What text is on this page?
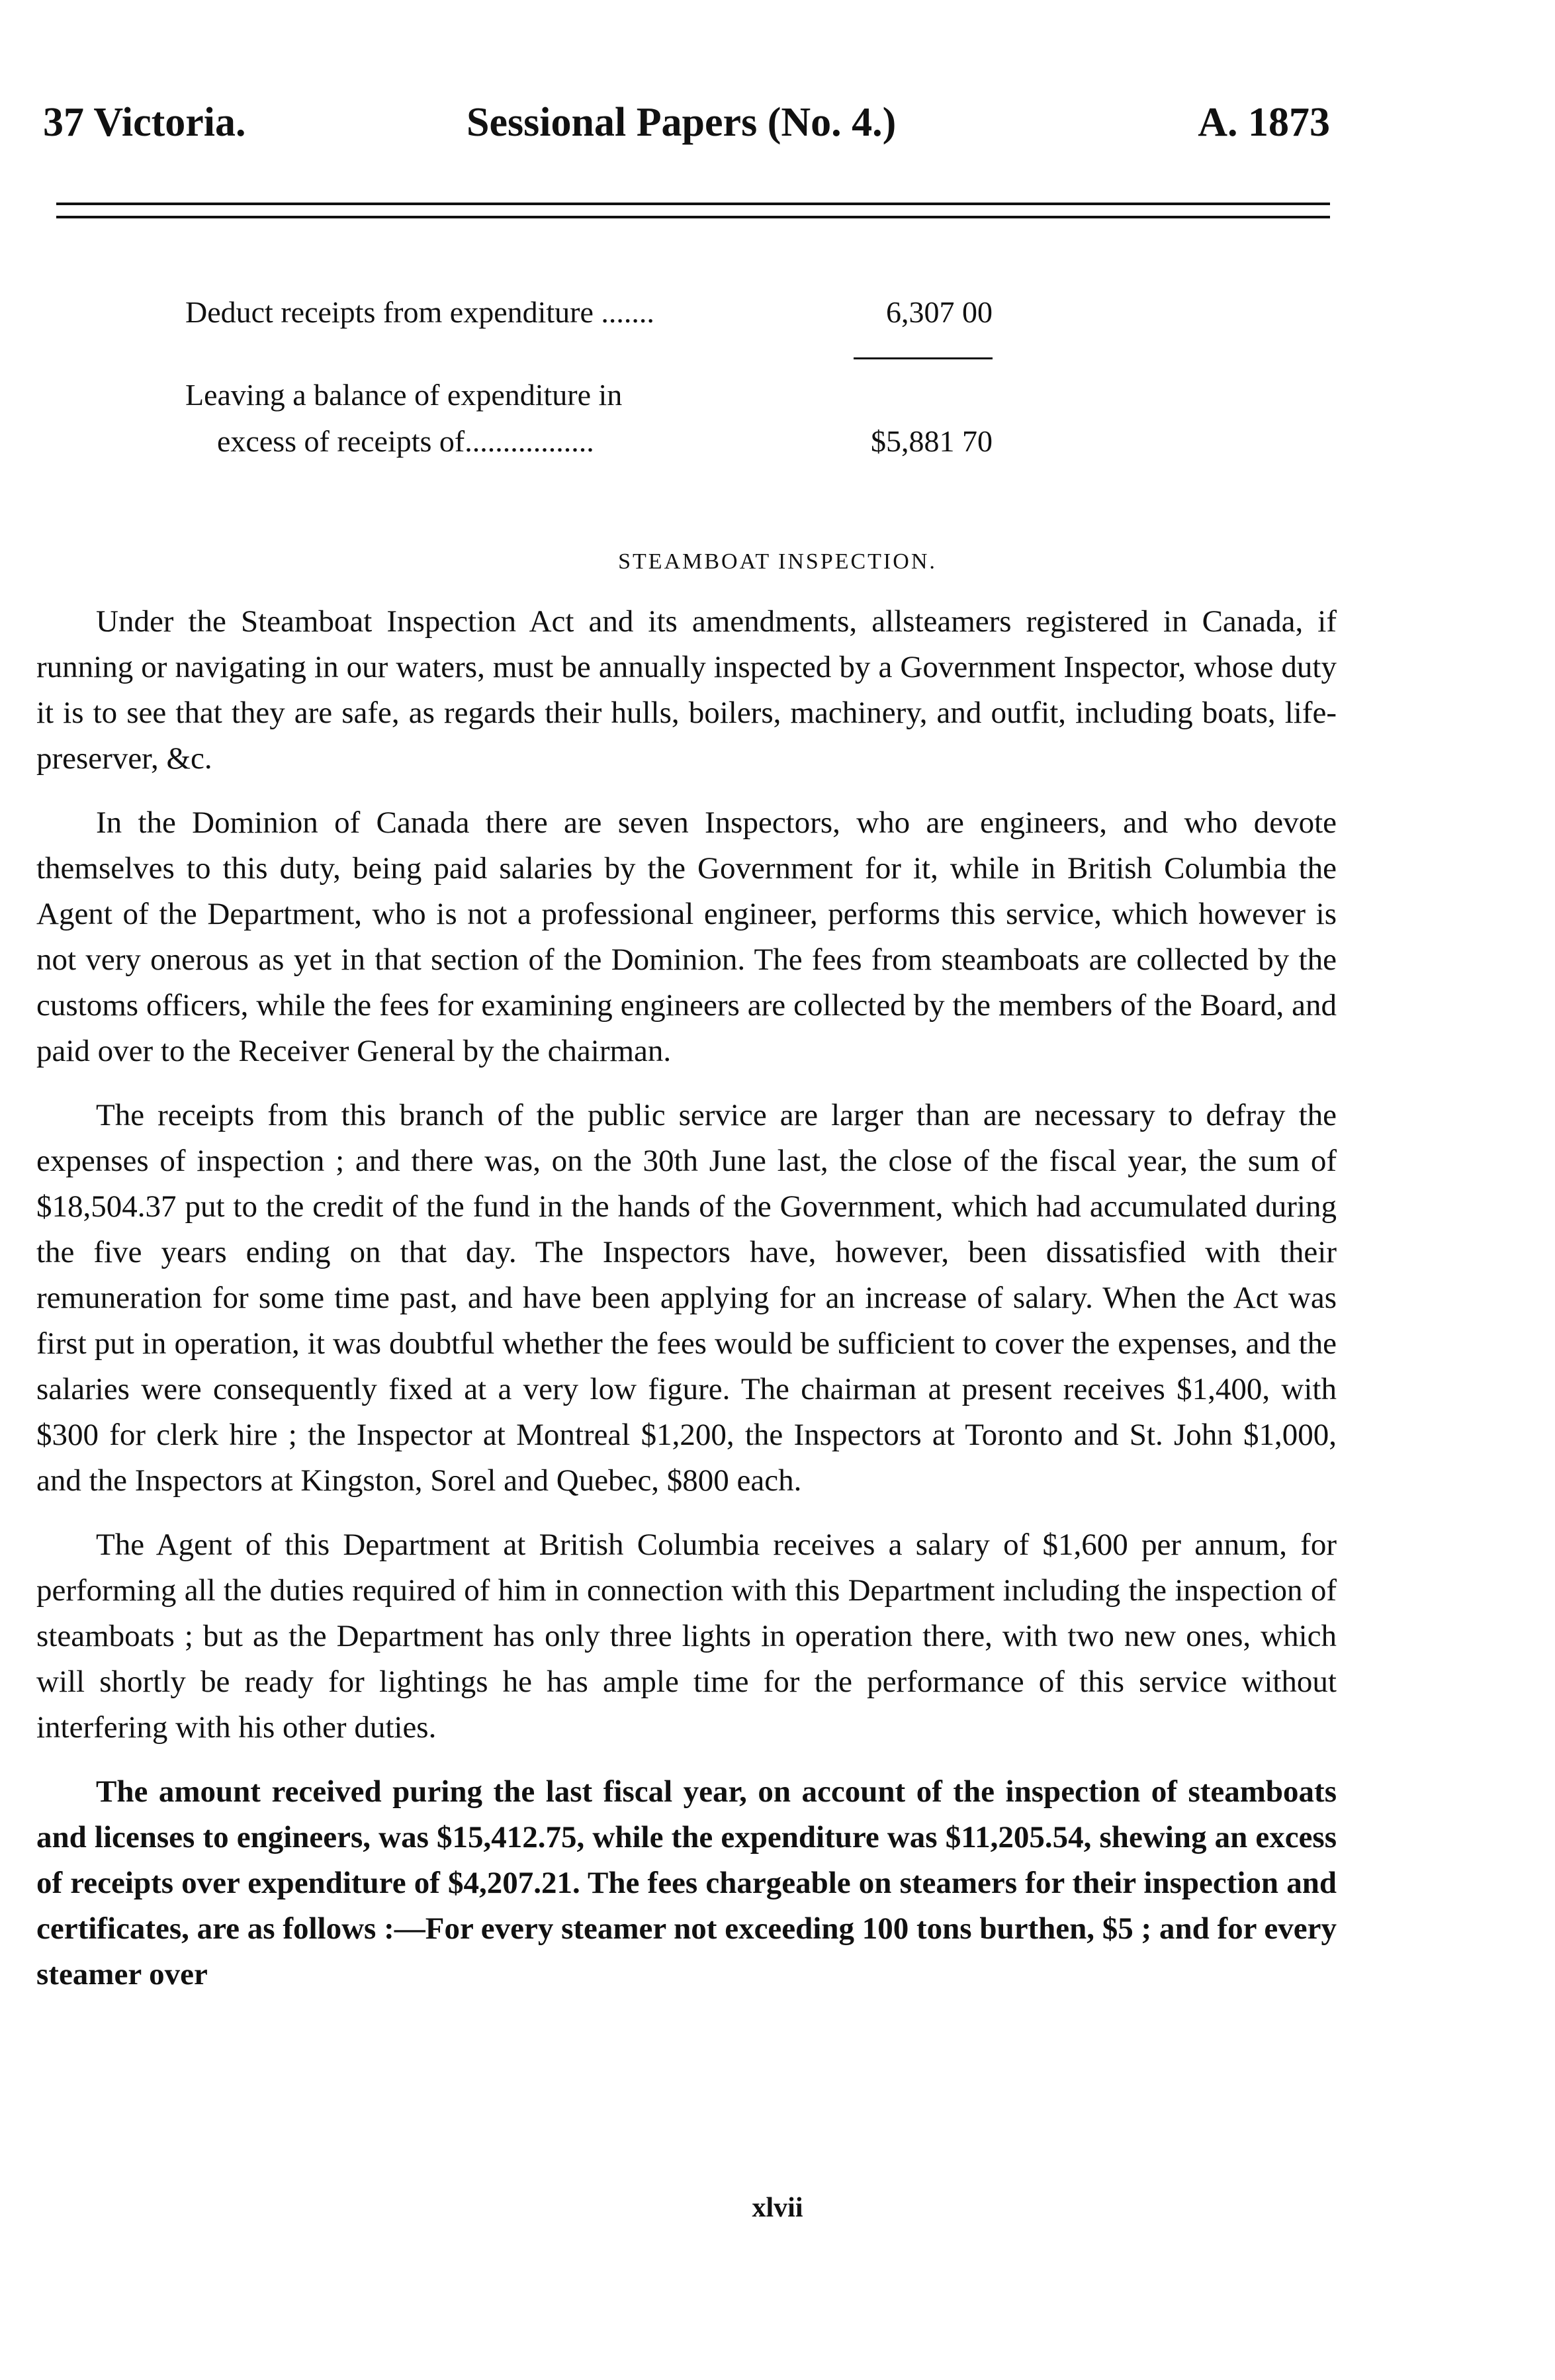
37 Victoria.	Sessional Papers (No. 4.)	A. 1873
Deduct receipts from expenditure .......	6,307 00
Leaving a balance of expenditure in
excess of receipts of.................	$5,881 70
STEAMBOAT INSPECTION.

Under the Steamboat Inspection Act and its amendments, allsteamers registered in Canada, if running or navigating in our waters, must be annually inspected by a Government Inspector, whose duty it is to see that they are safe, as regards their hulls, boilers, machinery, and outfit, including boats, life-preserver, &c.

In the Dominion of Canada there are seven Inspectors, who are engineers, and who devote themselves to this duty, being paid salaries by the Government for it, while in British Columbia the Agent of the Department, who is not a professional engineer, performs this service, which however is not very onerous as yet in that section of the Dominion. The fees from steamboats are collected by the customs officers, while the fees for examining engineers are collected by the members of the Board, and paid over to the Receiver General by the chairman.

The receipts from this branch of the public service are larger than are necessary to defray the expenses of inspection ; and there was, on the 30th June last, the close of the fiscal year, the sum of $18,504.37 put to the credit of the fund in the hands of the Government, which had accumulated during the five years ending on that day. The Inspectors have, however, been dissatisfied with their remuneration for some time past, and have been applying for an increase of salary. When the Act was first put in operation, it was doubtful whether the fees would be sufficient to cover the expenses, and the salaries were consequently fixed at a very low figure. The chairman at present receives $1,400, with $300 for clerk hire ; the Inspector at Montreal $1,200, the Inspectors at Toronto and St. John $1,000, and the Inspectors at Kingston, Sorel and Quebec, $800 each.

The Agent of this Department at British Columbia receives a salary of $1,600 per annum, for performing all the duties required of him in connection with this Department including the inspection of steamboats ; but as the Department has only three lights in operation there, with two new ones, which will shortly be ready for lightings he has ample time for the performance of this service without interfering with his other duties.

The amount received puring the last fiscal year, on account of the inspection of steamboats and licenses to engineers, was $15,412.75, while the expenditure was $11,205.54, shewing an excess of receipts over expenditure of $4,207.21. The fees chargeable on steamers for their inspection and certificates, are as follows :—For every steamer not exceeding 100 tons burthen, $5 ; and for every steamer over

xlvii
